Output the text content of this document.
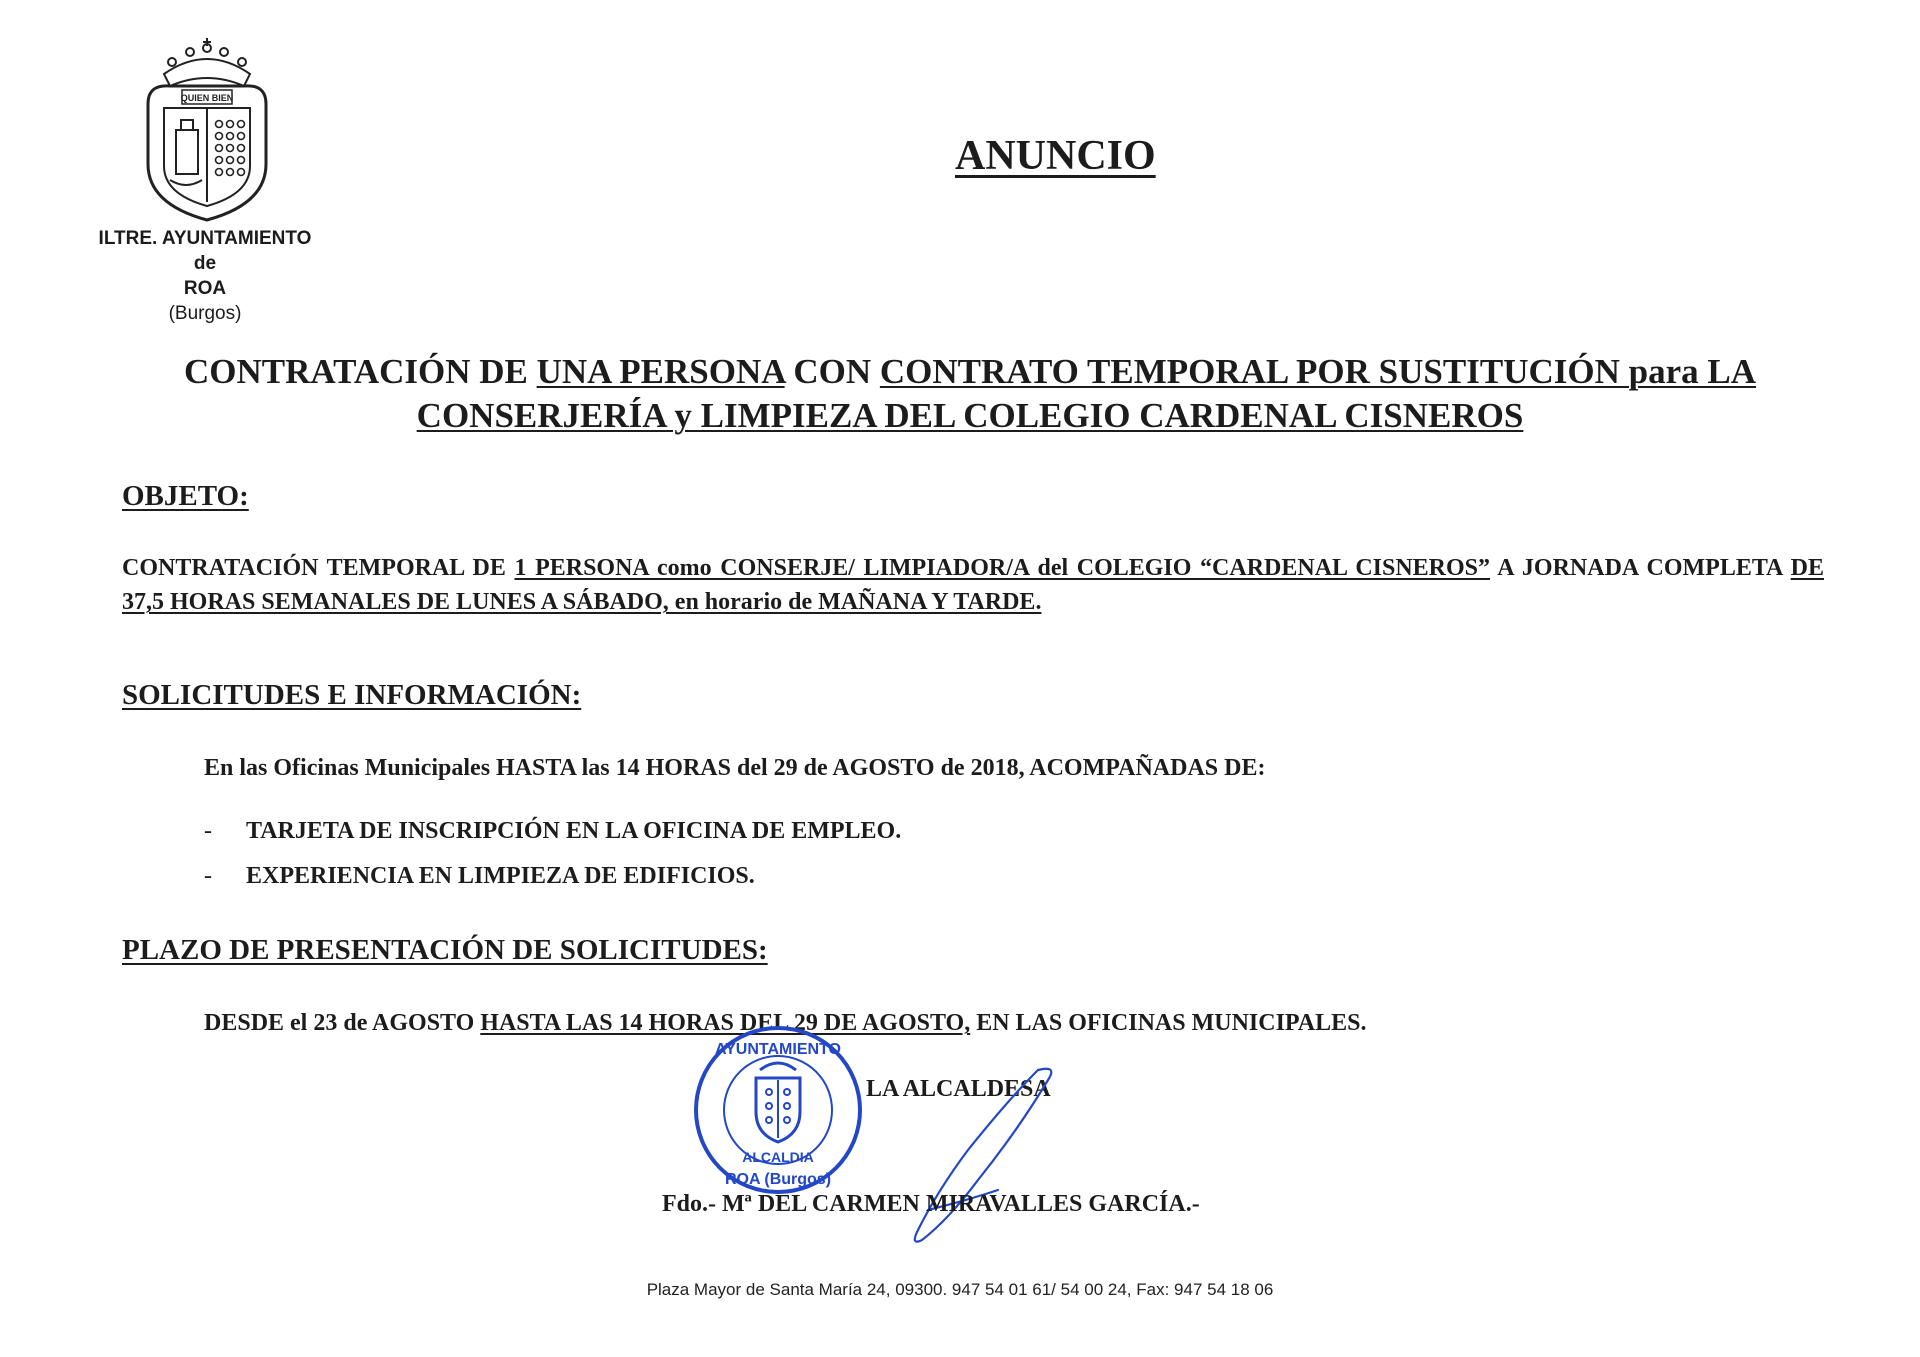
QUIEN BIEN
ILTRE. AYUNTAMIENTO
de
ROA
(Burgos)
ANUNCIO
CONTRATACIÓN DE UNA PERSONA CON CONTRATO TEMPORAL POR SUSTITUCIÓN para LA CONSERJERÍA y LIMPIEZA DEL COLEGIO CARDENAL CISNEROS
OBJETO:
CONTRATACIÓN TEMPORAL DE 1 PERSONA como CONSERJE/ LIMPIADOR/A del COLEGIO “CARDENAL CISNEROS” A JORNADA COMPLETA DE 37,5 HORAS SEMANALES DE LUNES A SÁBADO, en horario de MAÑANA Y TARDE.
SOLICITUDES E INFORMACIÓN:
En las Oficinas Municipales HASTA las 14 HORAS del 29 de AGOSTO de 2018, ACOMPAÑADAS DE:
- TARJETA DE INSCRIPCIÓN EN LA OFICINA DE EMPLEO.
- EXPERIENCIA EN LIMPIEZA DE EDIFICIOS.
PLAZO DE PRESENTACIÓN DE SOLICITUDES:
DESDE el 23 de AGOSTO HASTA LAS 14 HORAS DEL 29 DE AGOSTO, EN LAS OFICINAS MUNICIPALES.
LA ALCALDESA
AYUNTAMIENTO
ALCALDIA
ROA (Burgos)
Fdo.- Mª DEL CARMEN MIRAVALLES GARCÍA.-
Plaza Mayor de Santa María 24, 09300. 947 54 01 61/ 54 00 24, Fax: 947 54 18 06
